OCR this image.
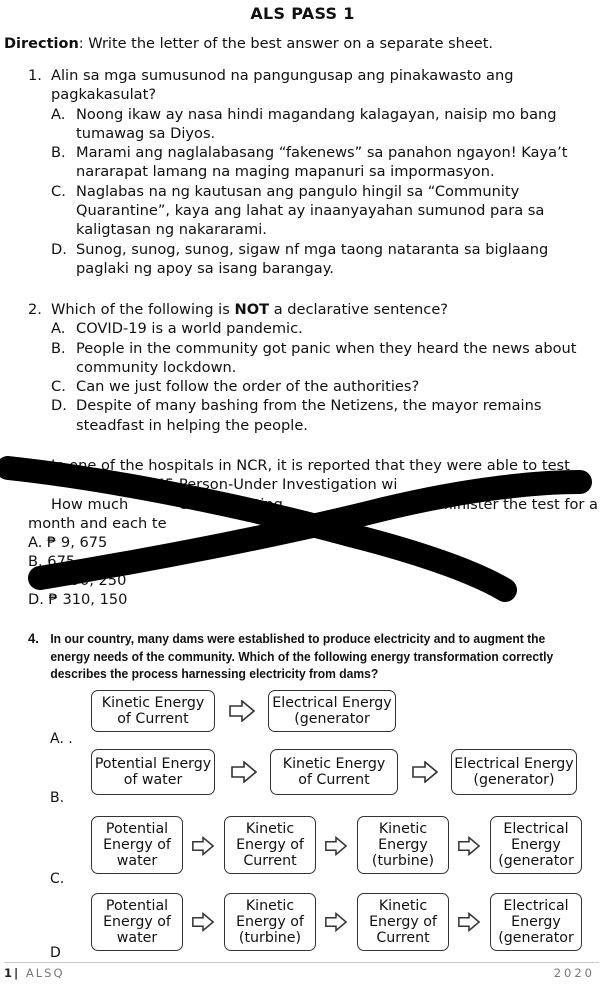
ALS PASS 1
Direction: Write the letter of the best answer on a separate sheet.
1. Alin sa mga sumusunod na pangungusap ang pinakawasto ang pagkakasulat?
A. Noong ikaw ay nasa hindi magandang kalagayan, naisip mo bang tumawag sa Diyos.
B. Marami ang naglalabasang “fakenews” sa panahon ngayon! Kaya’t nararapat lamang na maging mapanuri sa impormasyon.
C. Naglabas na ng kautusan ang pangulo hingil sa “Community Quarantine”, kaya ang lahat ay inaanyayahan sumunod para sa kaligtasan ng nakararami.
D. Sunog, sunog, sunog, sigaw nf mga taong nataranta sa biglaang paglaki ng apoy sa isang barangay.
2. Which of the following is NOT a declarative sentence?
A. COVID-19 is a world pandemic.
B. People in the community got panic when they heard the news about community lockdown.
C. Can we just follow the order of the authorities?
D. Despite of many bashing from the Netizens, the mayor remains steadfast in helping the people.
3. In one of the hospitals in NCR, it is reported that they were able to test
of 45 Person-Under Investigation wi
How much	ent for testing	minister the test for a
month and each te	00?
A. ₱ 9, 675
B. 675
C. ₱ 290, 250
D. ₱ 310, 150
4. In our country, many dams were established to produce electricity and to augment the energy needs of the community. Which of the following energy transformation correctly describes the process harnessing electricity from dams?
A. .
Kinetic Energy
of Current
Electrical Energy
(generator
B.
Potential Energy
of water
Kinetic Energy
of Current
Electrical Energy
(generator)
C.
Potential
Energy of
water
Kinetic
Energy of
Current
Kinetic
Energy
(turbine)
Electrical
Energy
(generator
D
Potential
Energy of
water
Kinetic
Energy of
(turbine)
Kinetic
Energy of
Current
Electrical
Energy
(generator
1| ALSQ	2020
